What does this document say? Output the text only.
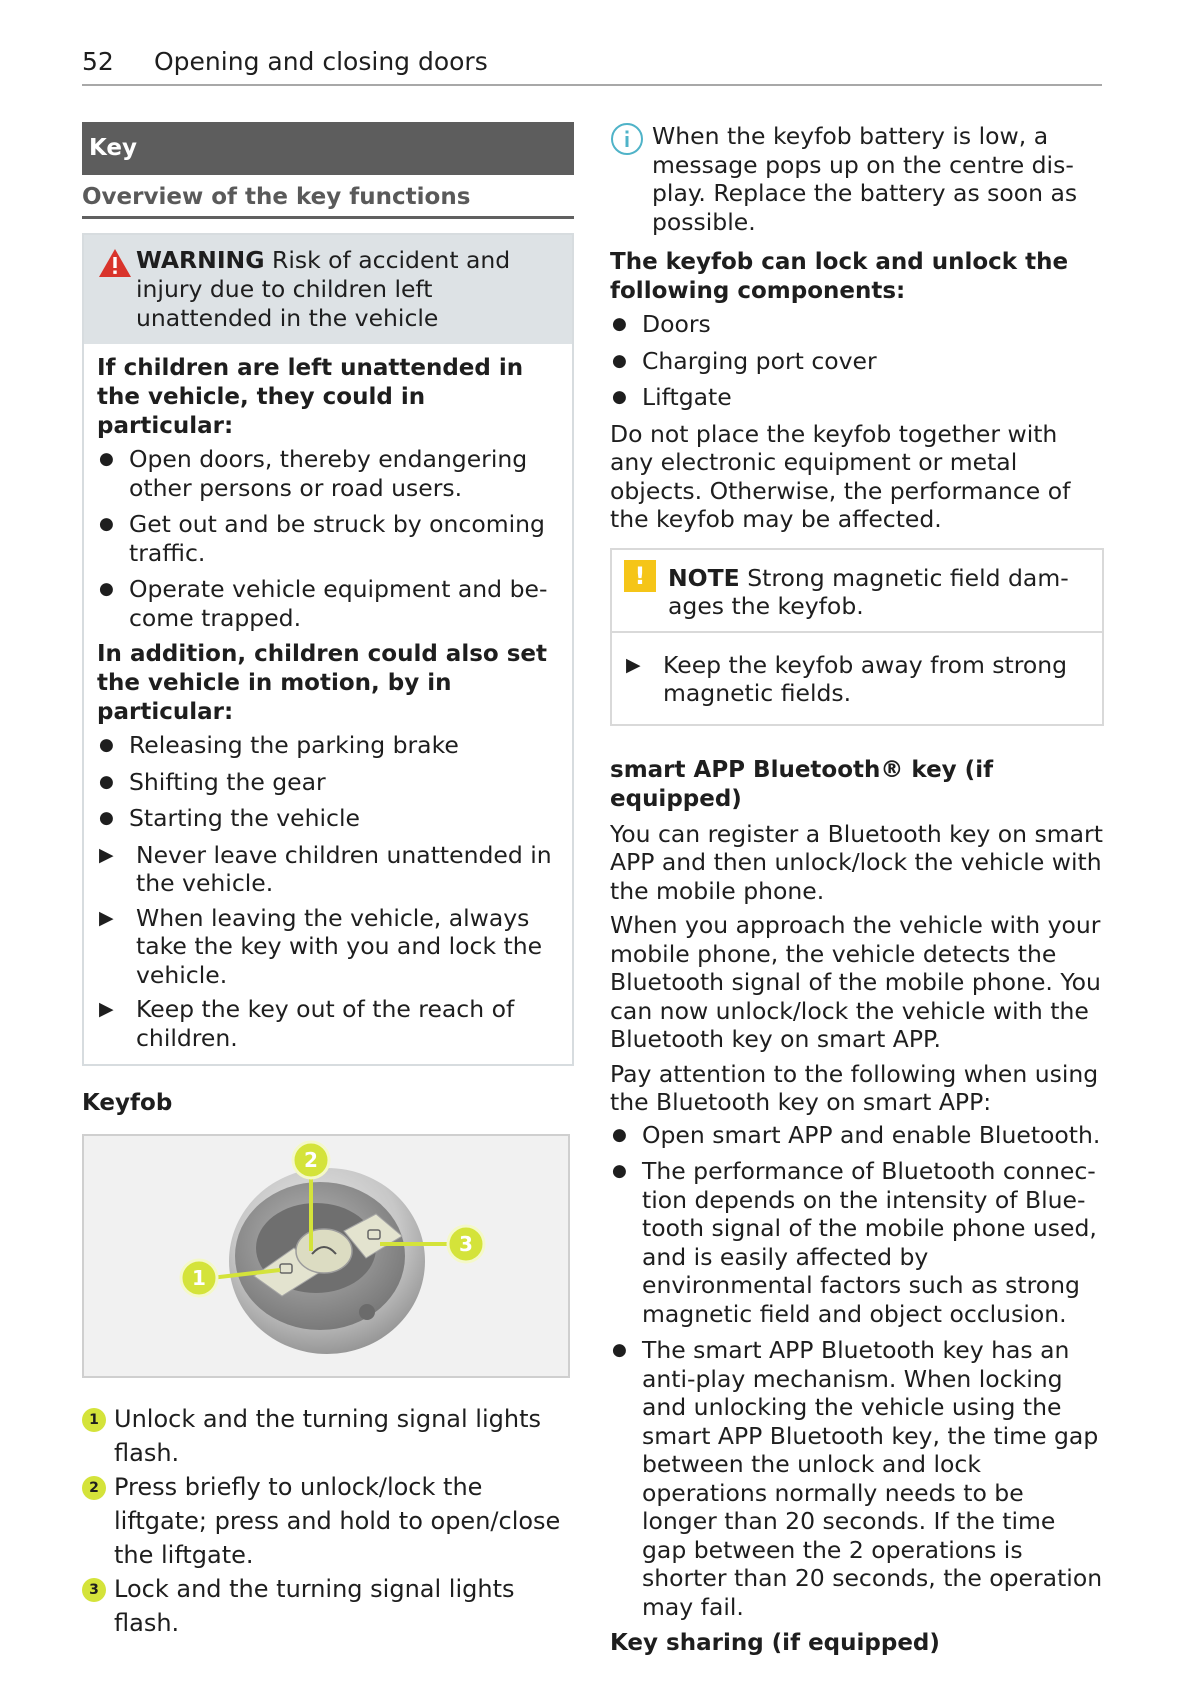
52 Opening and closing doors
Key
Overview of the key functions
WARNING Risk of accident and injury due to children left unattended in the vehicle
If children are left unattended in the vehicle, they could in particular:
● Open doors, thereby endangering other persons or road users.
● Get out and be struck by oncoming traffic.
● Operate vehicle equipment and become trapped.
In addition, children could also set the vehicle in motion, by in particular:
● Releasing the parking brake
● Shifting the gear
● Starting the vehicle
▶ Never leave children unattended in the vehicle.
▶ When leaving the vehicle, always take the key with you and lock the vehicle.
▶ Keep the key out of the reach of children.
Keyfob
2
3
1
1 Unlock and the turning signal lights flash.
2 Press briefly to unlock/lock the liftgate; press and hold to open/close the liftgate.
3 Lock and the turning signal lights flash.
When the keyfob battery is low, a message pops up on the centre display. Replace the battery as soon as possible.
The keyfob can lock and unlock the following components:
● Doors
● Charging port cover
● Liftgate
Do not place the keyfob together with any electronic equipment or metal objects. Otherwise, the performance of the keyfob may be affected.
! NOTE Strong magnetic field damages the keyfob.
▶ Keep the keyfob away from strong magnetic fields.
smart APP Bluetooth® key (if equipped)
You can register a Bluetooth key on smart APP and then unlock/lock the vehicle with the mobile phone.
When you approach the vehicle with your mobile phone, the vehicle detects the Bluetooth signal of the mobile phone. You can now unlock/lock the vehicle with the Bluetooth key on smart APP.
Pay attention to the following when using the Bluetooth key on smart APP:
● Open smart APP and enable Bluetooth.
● The performance of Bluetooth connection depends on the intensity of Bluetooth signal of the mobile phone used, and is easily affected by environmental factors such as strong magnetic field and object occlusion.
● The smart APP Bluetooth key has an anti-play mechanism. When locking and unlocking the vehicle using the smart APP Bluetooth key, the time gap between the unlock and lock operations normally needs to be longer than 20 seconds. If the time gap between the 2 operations is shorter than 20 seconds, the operation may fail.
Key sharing (if equipped)
